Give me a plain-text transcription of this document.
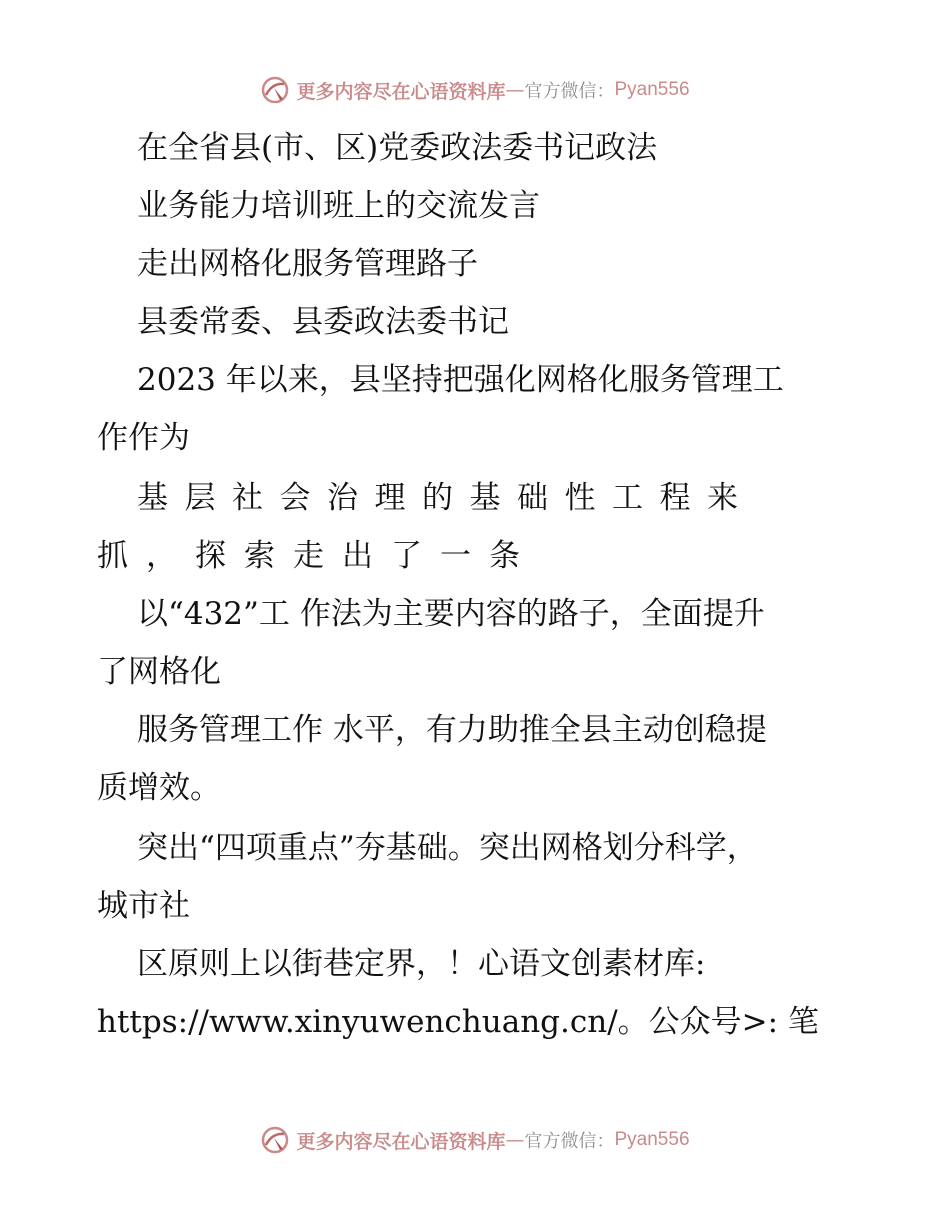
更多内容尽在心语资料库 — 官方微信： Pyan556
在全省县(市、区)党委政法委书记政法
业务能力培训班上的交流发言
走出网格化服务管理路子
县委常委、县委政法委书记
2023 年以来，县坚持把强化网格化服务管理工
作作为
基层社会治理的基础性工程来
抓，探索走出了一条
以“432”工 作法为主要内容的路子，全面提升
了网格化
服务管理工作 水平，有力助推全县主动创稳提
质增效。
突出“四项重点”夯基础。突出网格划分科学，
城市社
区原则上以街巷定界，！心语文创素材库:
https://www.xinyuwenchuang.cn/。公众号>: 笔
更多内容尽在心语资料库 — 官方微信： Pyan556
